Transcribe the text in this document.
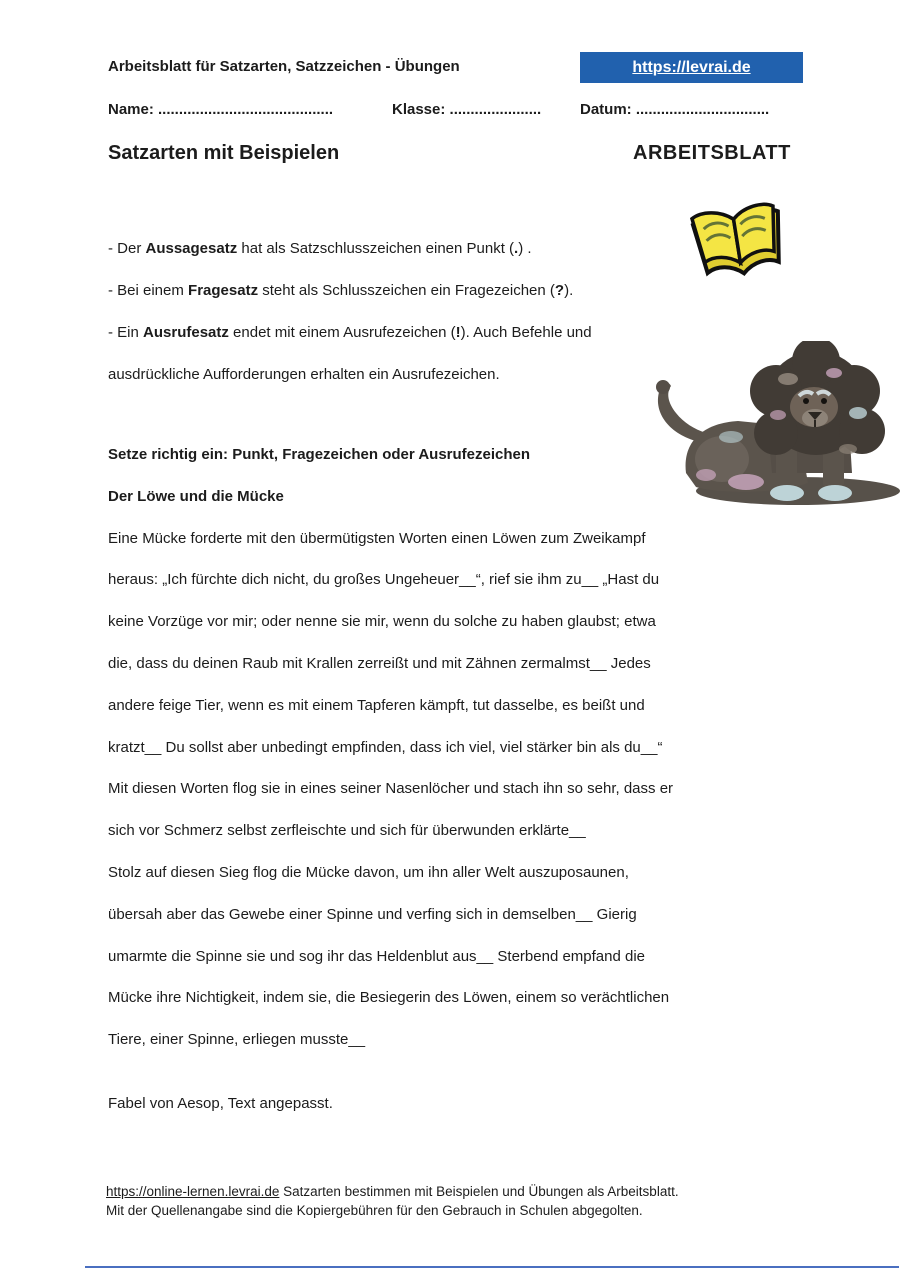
Arbeitsblatt für Satzarten, Satzzeichen - Übungen	https://levrai.de
Name: ..........................................	Klasse: ......................	Datum: ................................
Satzarten mit Beispielen	ARBEITSBLATT
- Der Aussagesatz hat als Satzschlusszeichen einen Punkt (.) .
- Bei einem Fragesatz steht als Schlusszeichen ein Fragezeichen (?).
- Ein Ausrufesatz endet mit einem Ausrufezeichen (!). Auch Befehle und
ausdrückliche Aufforderungen erhalten ein Ausrufezeichen.
Setze richtig ein: Punkt, Fragezeichen oder Ausrufezeichen
Der Löwe und die Mücke
Eine Mücke forderte mit den übermütigsten Worten einen Löwen zum Zweikampf
heraus: „Ich fürchte dich nicht, du großes Ungeheuer__“, rief sie ihm zu__ „Hast du
keine Vorzüge vor mir; oder nenne sie mir, wenn du solche zu haben glaubst; etwa
die, dass du deinen Raub mit Krallen zerreißt und mit Zähnen zermalmst__ Jedes
andere feige Tier, wenn es mit einem Tapferen kämpft, tut dasselbe, es beißt und
kratzt__ Du sollst aber unbedingt empfinden, dass ich viel, viel stärker bin als du__“
Mit diesen Worten flog sie in eines seiner Nasenlöcher und stach ihn so sehr, dass er
sich vor Schmerz selbst zerfleischte und sich für überwunden erklärte__
Stolz auf diesen Sieg flog die Mücke davon, um ihn aller Welt auszuposaunen,
übersah aber das Gewebe einer Spinne und verfing sich in demselben__ Gierig
umarmte die Spinne sie und sog ihr das Heldenblut aus__ Sterbend empfand die
Mücke ihre Nichtigkeit, indem sie, die Besiegerin des Löwen, einem so verächtlichen
Tiere, einer Spinne, erliegen musste__
Fabel von Aesop, Text angepasst.
https://online-lernen.levrai.de Satzarten bestimmen mit Beispielen und Übungen als Arbeitsblatt.
Mit der Quellenangabe sind die Kopiergebühren für den Gebrauch in Schulen abgegolten.
